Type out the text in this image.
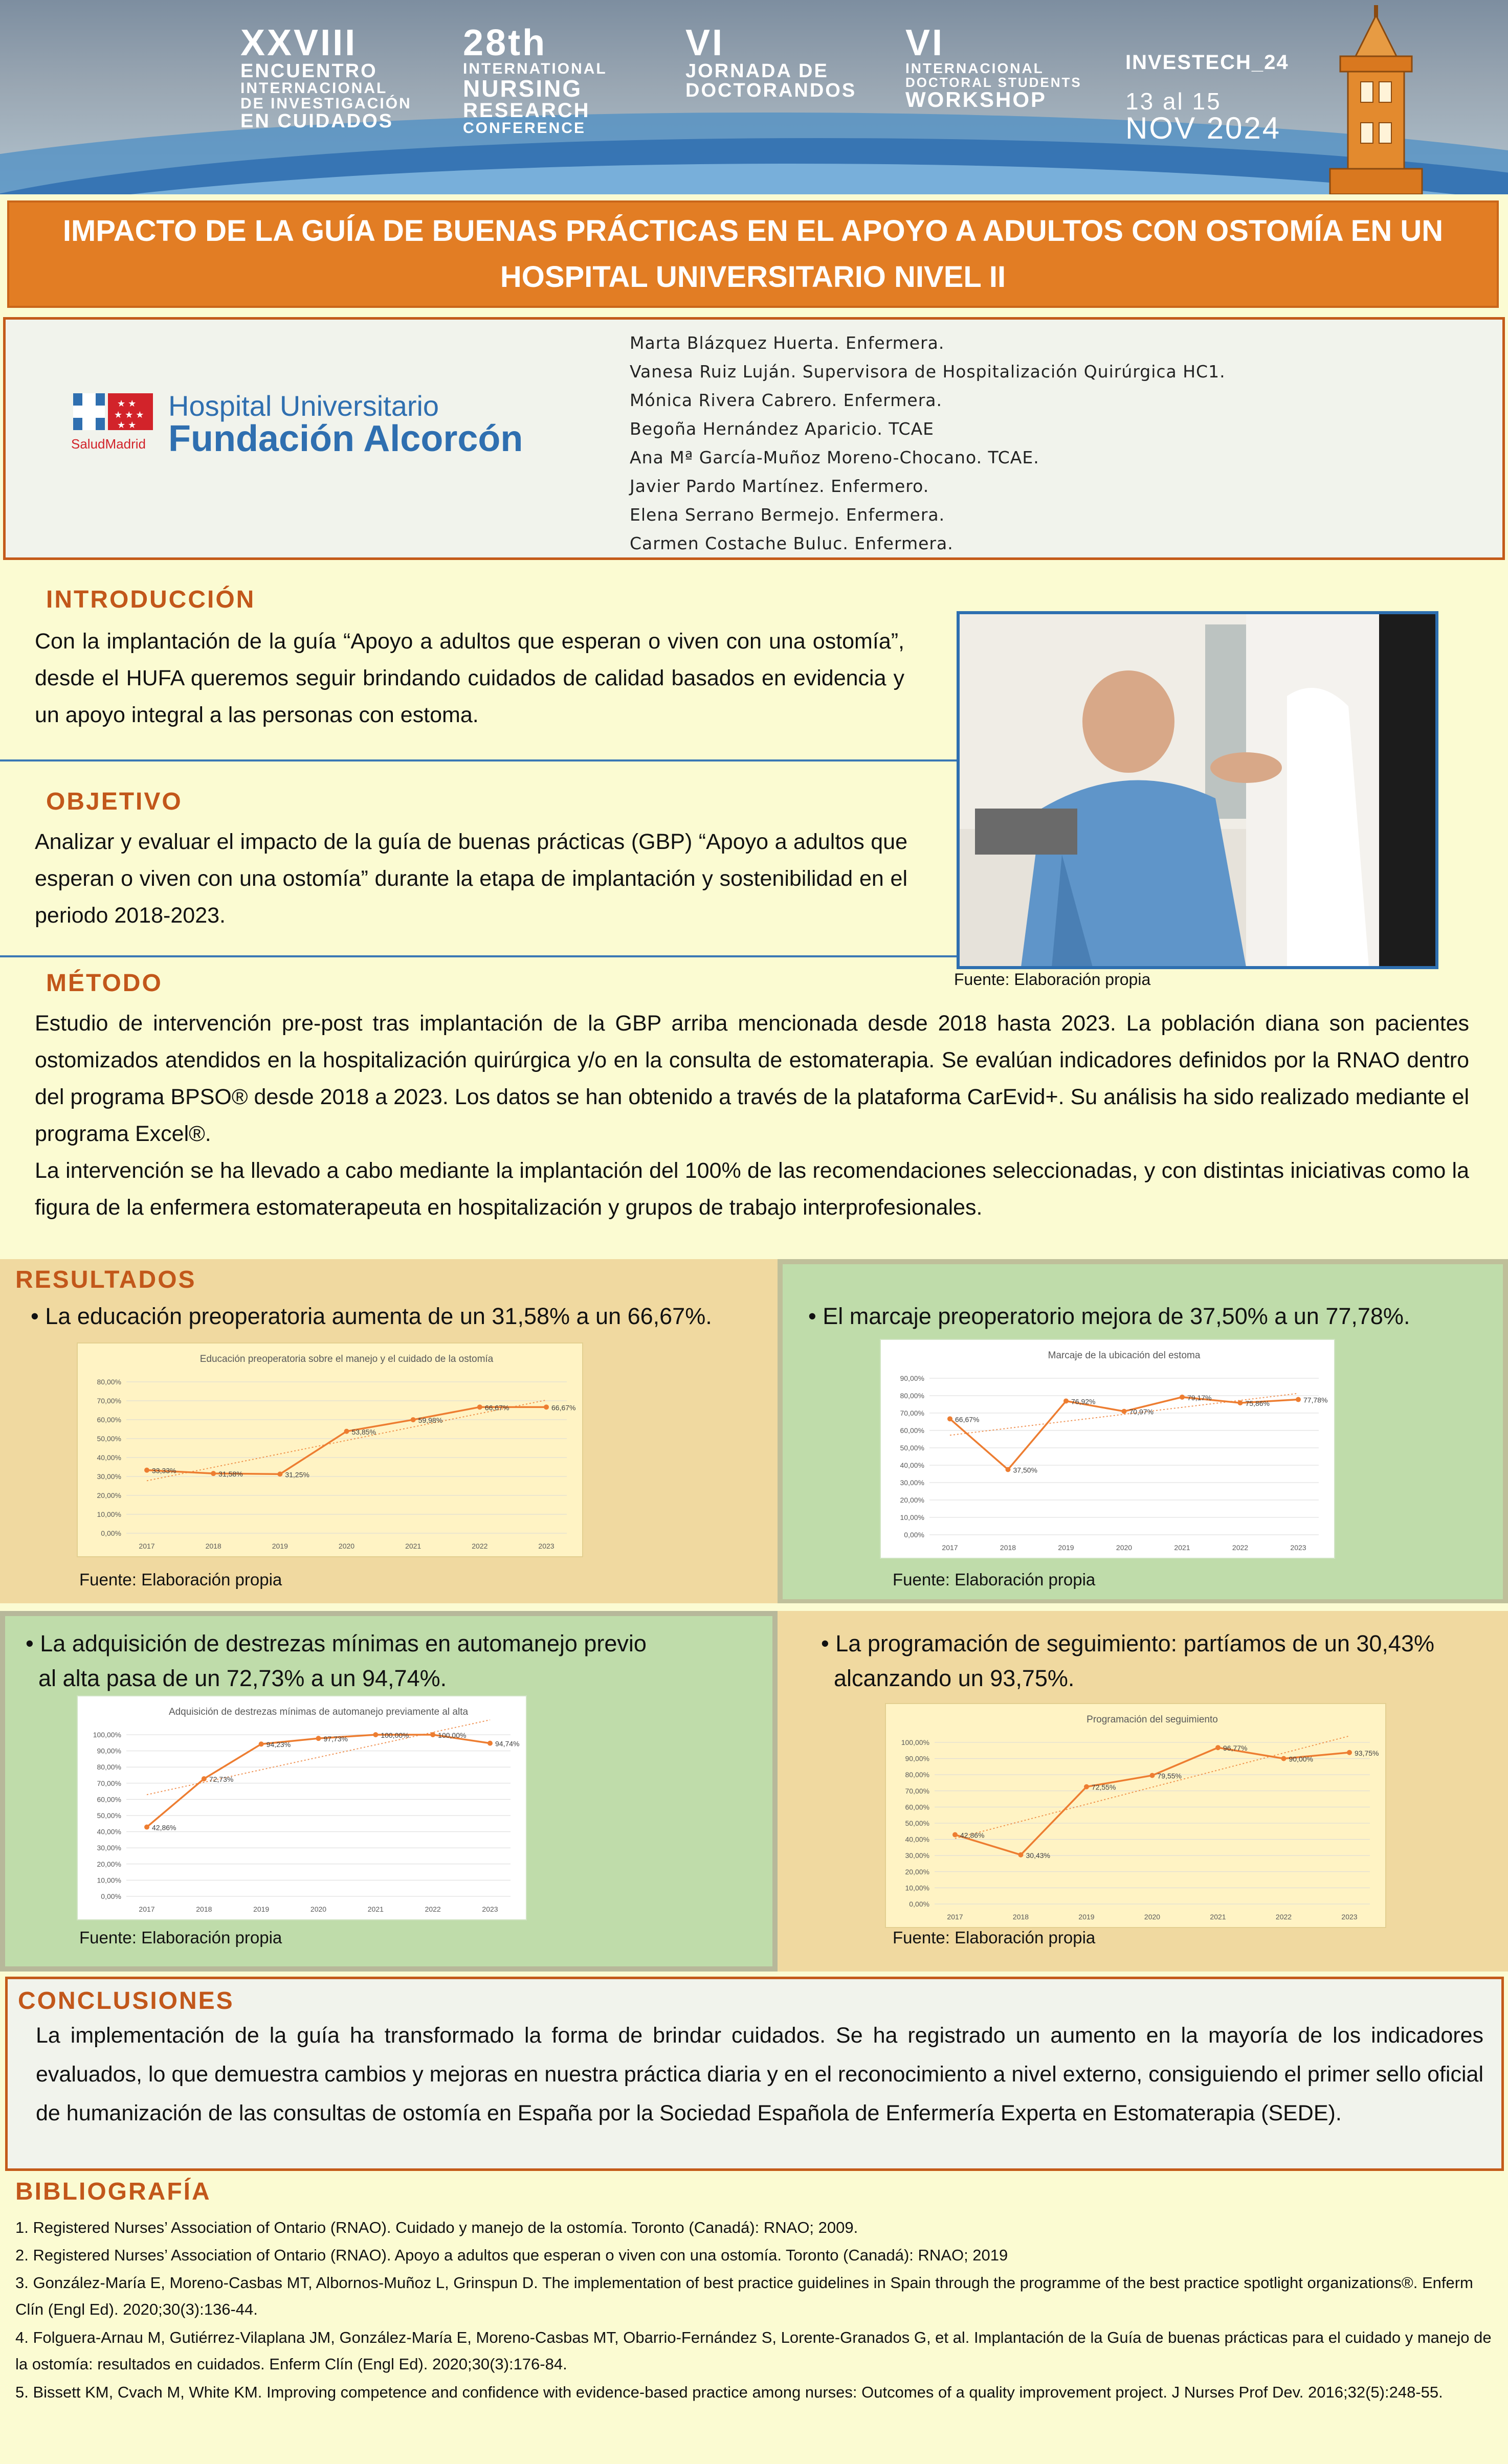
XXVIII
ENCUENTRO
INTERNACIONAL
DE INVESTIGACIÓN
EN CUIDADOS
28th
INTERNATIONAL
NURSING
RESEARCH
CONFERENCE
VI
JORNADA DE
DOCTORANDOS
VI
INTERNACIONAL
DOCTORAL STUDENTS
WORKSHOP
INVESTECH_24
13 al 15
NOV 2024
IMPACTO DE LA GUÍA DE BUENAS PRÁCTICAS EN EL APOYO A ADULTOS CON OSTOMÍA EN UN HOSPITAL UNIVERSITARIO NIVEL II
★ ★
★ ★ ★
★ ★
SaludMadrid
Hospital Universitario
Fundación Alcorcón
Marta Blázquez Huerta. Enfermera.
Vanesa Ruiz Luján. Supervisora de Hospitalización Quirúrgica HC1.
Mónica Rivera Cabrero. Enfermera.
Begoña Hernández Aparicio. TCAE
Ana Mª García-Muñoz Moreno-Chocano. TCAE.
Javier Pardo Martínez. Enfermero.
Elena Serrano Bermejo. Enfermera.
Carmen Costache Buluc. Enfermera.
INTRODUCCIÓN
Con la implantación de la guía “Apoyo a adultos que esperan o viven con una ostomía”, desde el HUFA queremos seguir brindando cuidados de calidad basados en evidencia y un apoyo integral a las personas con estoma.
OBJETIVO
Analizar y evaluar el impacto de la guía de buenas prácticas (GBP) “Apoyo a adultos que esperan o viven con una ostomía” durante la etapa de implantación y sostenibilidad en el periodo 2018-2023.
Fuente: Elaboración propia
MÉTODO
Estudio de intervención pre-post tras implantación de la GBP arriba mencionada desde 2018 hasta 2023. La población diana son pacientes ostomizados atendidos en la hospitalización quirúrgica y/o en la consulta de estomaterapia. Se evalúan indicadores definidos por la RNAO dentro del programa BPSO® desde 2018 a 2023. Los datos se han obtenido a través de la plataforma CarEvid+. Su análisis ha sido realizado mediante el programa Excel®.
La intervención se ha llevado a cabo mediante la implantación del 100% de las recomendaciones seleccionadas, y con distintas iniciativas como la figura de la enfermera estomaterapeuta en hospitalización y grupos de trabajo interprofesionales.
RESULTADOS
• La educación preoperatoria aumenta de un 31,58% a un 66,67%.	• El marcaje preoperatorio mejora de 37,50% a un 77,78%.
• La adquisición de destrezas mínimas en automanejo previo
al alta pasa de un 72,73% a un 94,74%.
• La programación de seguimiento: partíamos de un 30,43%
alcanzando un 93,75%.
Educación preoperatoria sobre el manejo y el cuidado de la ostomía
0,00%
10,00%
20,00%
30,00%
40,00%
50,00%
60,00%
70,00%
80,00%
2017	2018	2019	2020	2021	2022	2023
33,33%	31,58%	31,25%
53,85%
59,98%
66,67%	66,67%
Marcaje de la ubicación del estoma
0,00%
10,00%
20,00%
30,00%
40,00%
50,00%
60,00%
70,00%
80,00%
90,00%
2017	2018	2019	2020	2021	2022	2023
66,67%
37,50%
76,92%
70,97%
79,17%
75,86%	77,78%
Adquisición de destrezas mínimas de automanejo previamente al alta
0,00%
10,00%
20,00%
30,00%
40,00%
50,00%
60,00%
70,00%
80,00%
90,00%
100,00%
2017	2018	2019	2020	2021	2022	2023
42,86%
72,73%
94,23%
97,73%	100,00%	100,00%
94,74%
Programación del seguimiento
0,00%
10,00%
20,00%
30,00%
40,00%
50,00%
60,00%
70,00%
80,00%
90,00%
100,00%
2017	2018	2019	2020	2021	2022	2023
42,86%
30,43%
72,55%
79,55%
96,77%
90,00%
93,75%
Fuente: Elaboración propia	Fuente: Elaboración propia
Fuente: Elaboración propia	Fuente: Elaboración propia
CONCLUSIONES
La implementación de la guía ha transformado la forma de brindar cuidados. Se ha registrado un aumento en la mayoría de los indicadores evaluados, lo que demuestra cambios y mejoras en nuestra práctica diaria y en el reconocimiento a nivel externo, consiguiendo el primer sello oficial de humanización de las consultas de ostomía en España por la Sociedad Española de Enfermería Experta en Estomaterapia (SEDE).
BIBLIOGRAFÍA
1. Registered Nurses’ Association of Ontario (RNAO). Cuidado y manejo de la ostomía. Toronto (Canadá): RNAO; 2009.
2. Registered Nurses’ Association of Ontario (RNAO). Apoyo a adultos que esperan o viven con una ostomía. Toronto (Canadá): RNAO; 2019
3. González-María E, Moreno-Casbas MT, Albornos-Muñoz L, Grinspun D. The implementation of best practice guidelines in Spain through the programme of the best practice spotlight organizations®. Enferm Clín (Engl Ed). 2020;30(3):136-44.
4. Folguera-Arnau M, Gutiérrez-Vilaplana JM, González-María E, Moreno-Casbas MT, Obarrio-Fernández S, Lorente-Granados G, et al. Implantación de la Guía de buenas prácticas para el cuidado y manejo de la ostomía: resultados en cuidados. Enferm Clín (Engl Ed). 2020;30(3):176-84.
5. Bissett KM, Cvach M, White KM. Improving competence and confidence with evidence-based practice among nurses: Outcomes of a quality improvement project. J Nurses Prof Dev. 2016;32(5):248-55.
